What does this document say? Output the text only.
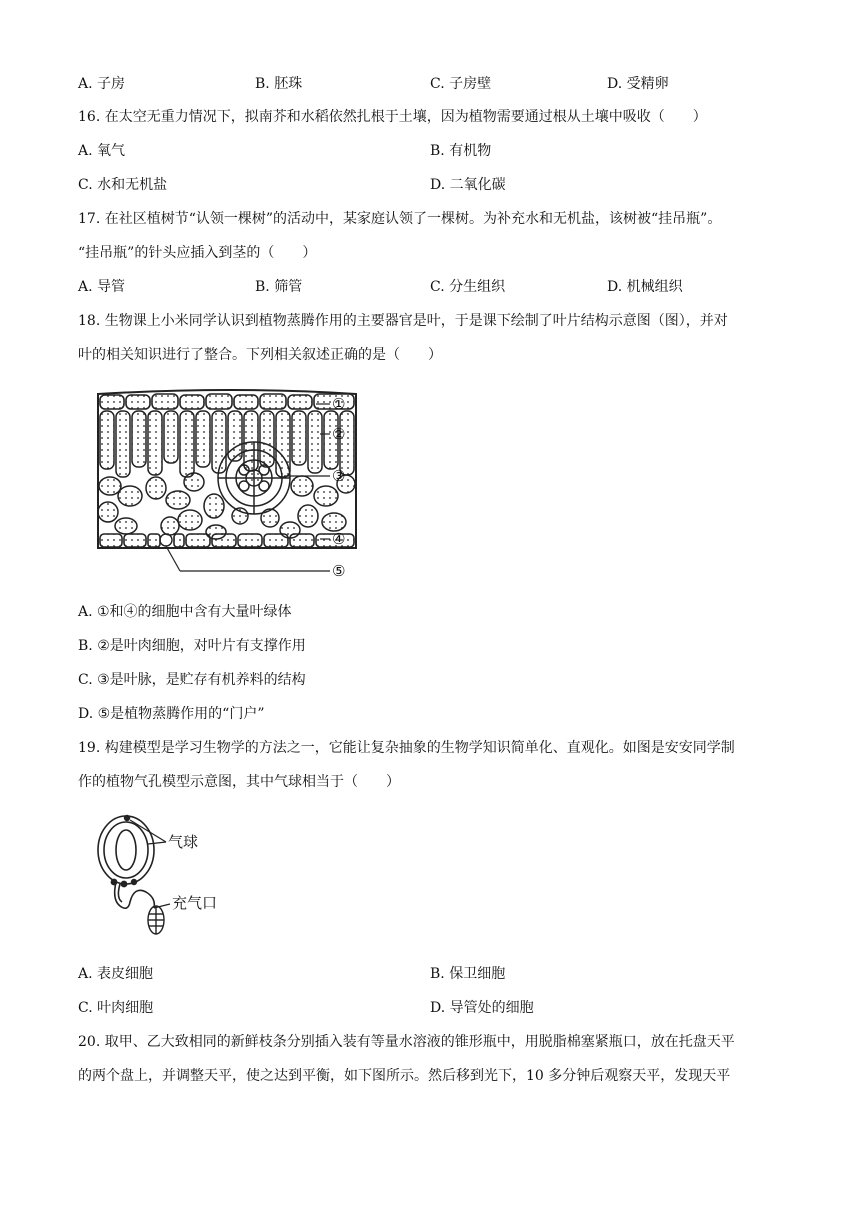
A. 子房	B. 胚珠	C. 子房壁	D. 受精卵
16. 在太空无重力情况下，拟南芥和水稻依然扎根于土壤，因为植物需要通过根从土壤中吸收（　　）
A. 氧气	B. 有机物
C. 水和无机盐	D. 二氧化碳
17. 在社区植树节“认领一棵树”的活动中，某家庭认领了一棵树。为补充水和无机盐，该树被“挂吊瓶”。
“挂吊瓶”的针头应插入到茎的（　　）
A. 导管	B. 筛管	C. 分生组织	D. 机械组织
18. 生物课上小米同学认识到植物蒸腾作用的主要器官是叶，于是课下绘制了叶片结构示意图（图），并对
叶的相关知识进行了整合。下列相关叙述正确的是（　　）
①
②
③
④
⑤
A. ①和④的细胞中含有大量叶绿体
B. ②是叶肉细胞，对叶片有支撑作用
C. ③是叶脉，是贮存有机养料的结构
D. ⑤是植物蒸腾作用的“门户”
19. 构建模型是学习生物学的方法之一，它能让复杂抽象的生物学知识简单化、直观化。如图是安安同学制
作的植物气孔模型示意图，其中气球相当于（　　）
气球
充气口
A. 表皮细胞	B. 保卫细胞
C. 叶肉细胞	D. 导管处的细胞
20. 取甲、乙大致相同的新鲜枝条分别插入装有等量水溶液的锥形瓶中，用脱脂棉塞紧瓶口，放在托盘天平
的两个盘上，并调整天平，使之达到平衡，如下图所示。然后移到光下，10 多分钟后观察天平，发现天平
